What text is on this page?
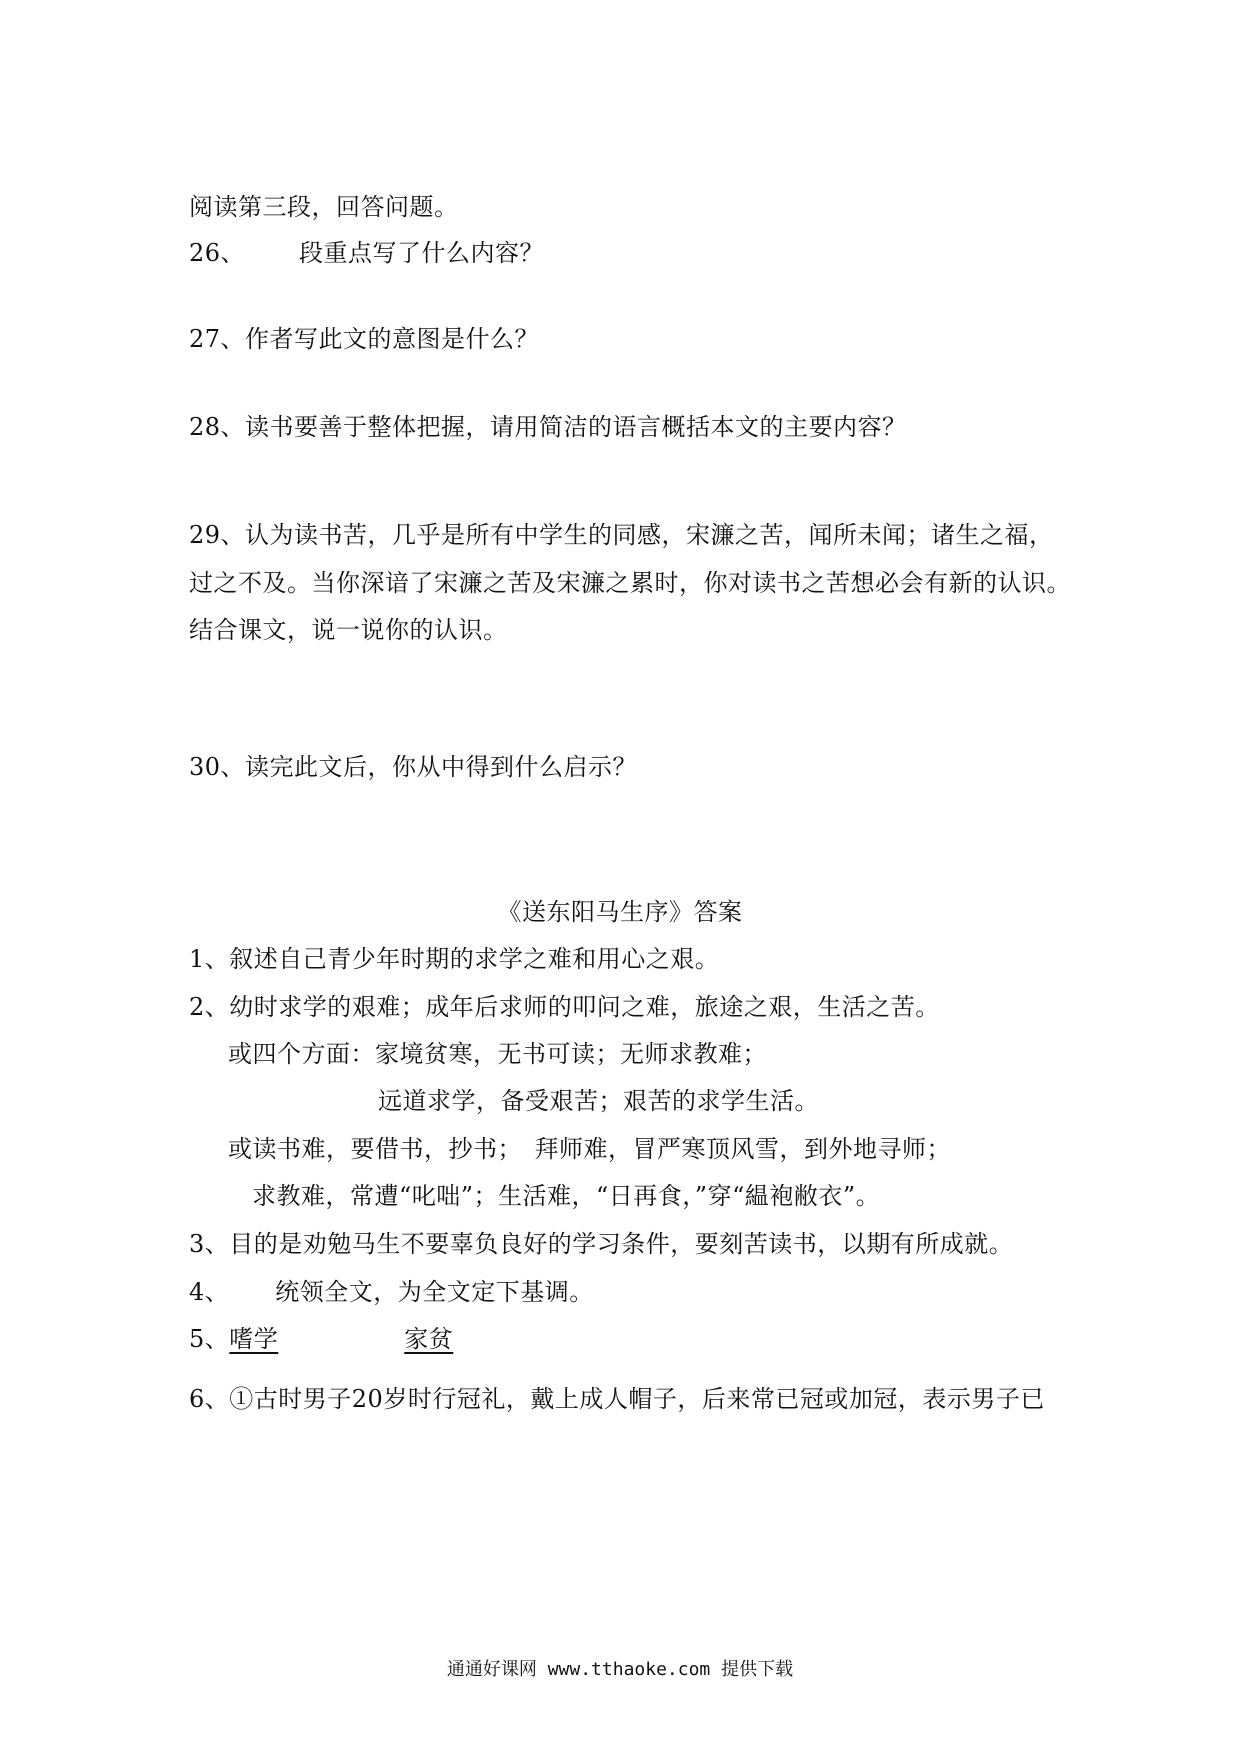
阅读第三段，回答问题。
26、 段重点写了什么内容？
27、作者写此文的意图是什么？
28、读书要善于整体把握，请用简洁的语言概括本文的主要内容？
29、认为读书苦，几乎是所有中学生的同感，宋濂之苦，闻所未闻；诸生之福，
过之不及。当你深谙了宋濂之苦及宋濂之累时，你对读书之苦想必会有新的认识。
结合课文，说一说你的认识。
30、读完此文后，你从中得到什么启示？
《送东阳马生序》答案
1、叙述自己青少年时期的求学之难和用心之艰。
2、幼时求学的艰难；成年后求师的叩问之难，旅途之艰，生活之苦。
或四个方面：家境贫寒，无书可读；无师求教难；
远道求学，备受艰苦；艰苦的求学生活。
或读书难，要借书，抄书；　拜师难，冒严寒顶风雪，到外地寻师；
求教难，常遭“叱咄”；生活难，“日再食，”穿“緼袍敝衣”。
3、目的是劝勉马生不要辜负良好的学习条件，要刻苦读书，以期有所成就。
4、 统领全文，为全文定下基调。
5、嗜学	家贫
6、①古时男子20岁时行冠礼，戴上成人帽子，后来常已冠或加冠，表示男子已
通通好课网 www.tthaoke.com 提供下载
